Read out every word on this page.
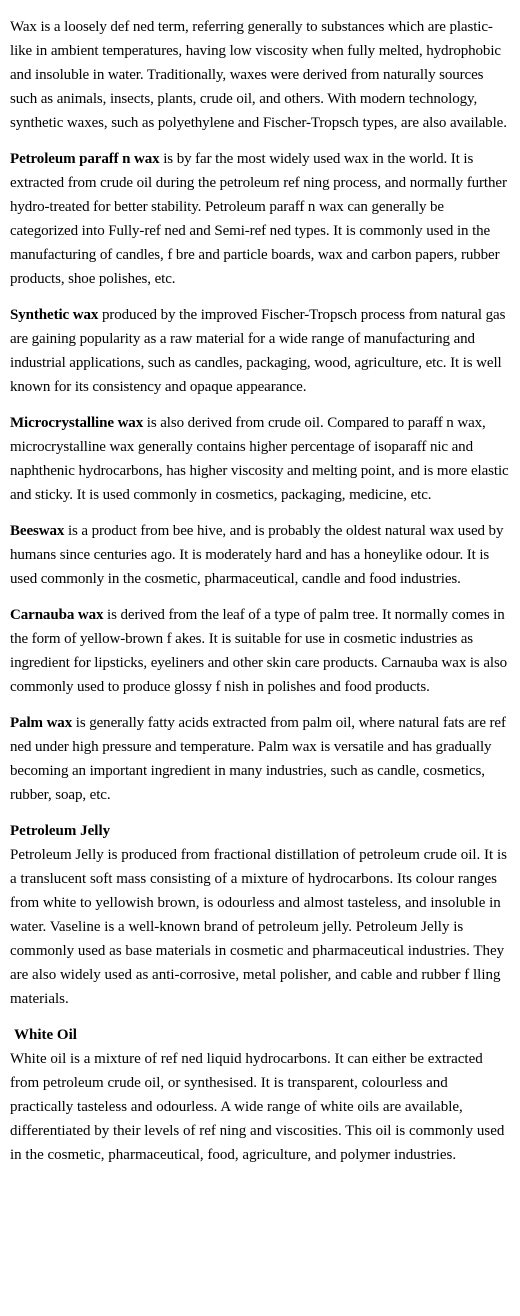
Wax is a loosely def ned term, referring generally to substances which are plastic-like in ambient temperatures, having low viscosity when fully melted, hydrophobic and insoluble in water. Traditionally, waxes were derived from naturally sources such as animals, insects, plants, crude oil, and others. With modern technology, synthetic waxes, such as polyethylene and Fischer-Tropsch types, are also available.

Petroleum paraff n wax is by far the most widely used wax in the world. It is extracted from crude oil during the petroleum ref ning process, and normally further hydro-treated for better stability. Petroleum paraff n wax can generally be categorized into Fully-ref ned and Semi-ref ned types. It is commonly used in the manufacturing of candles, f bre and particle boards, wax and carbon papers, rubber products, shoe polishes, etc.

Synthetic wax produced by the improved Fischer-Tropsch process from natural gas are gaining popularity as a raw material for a wide range of manufacturing and industrial applications, such as candles, packaging, wood, agriculture, etc. It is well known for its consistency and opaque appearance.

Microcrystalline wax is also derived from crude oil. Compared to paraff n wax, microcrystalline wax generally contains higher percentage of isoparaff nic and naphthenic hydrocarbons, has higher viscosity and melting point, and is more elastic and sticky. It is used commonly in cosmetics, packaging, medicine, etc.

Beeswax is a product from bee hive, and is probably the oldest natural wax used by humans since centuries ago. It is moderately hard and has a honeylike odour. It is used commonly in the cosmetic, pharmaceutical, candle and food industries.

Carnauba wax is derived from the leaf of a type of palm tree. It normally comes in the form of yellow-brown f akes. It is suitable for use in cosmetic industries as ingredient for lipsticks, eyeliners and other skin care products. Carnauba wax is also commonly used to produce glossy f nish in polishes and food products.

Palm wax is generally fatty acids extracted from palm oil, where natural fats are ref ned under high pressure and temperature. Palm wax is versatile and has gradually becoming an important ingredient in many industries, such as candle, cosmetics, rubber, soap, etc.

Petroleum Jelly
Petroleum Jelly is produced from fractional distillation of petroleum crude oil. It is a translucent soft mass consisting of a mixture of hydrocarbons. Its colour ranges from white to yellowish brown, is odourless and almost tasteless, and insoluble in water. Vaseline is a well-known brand of petroleum jelly. Petroleum Jelly is commonly used as base materials in cosmetic and pharmaceutical industries. They are also widely used as anti-corrosive, metal polisher, and cable and rubber f lling materials.
White Oil
White oil is a mixture of ref ned liquid hydrocarbons. It can either be extracted from petroleum crude oil, or synthesised. It is transparent, colourless and practically tasteless and odourless. A wide range of white oils are available, differentiated by their levels of ref ning and viscosities. This oil is commonly used in the cosmetic, pharmaceutical, food, agriculture, and polymer industries.
